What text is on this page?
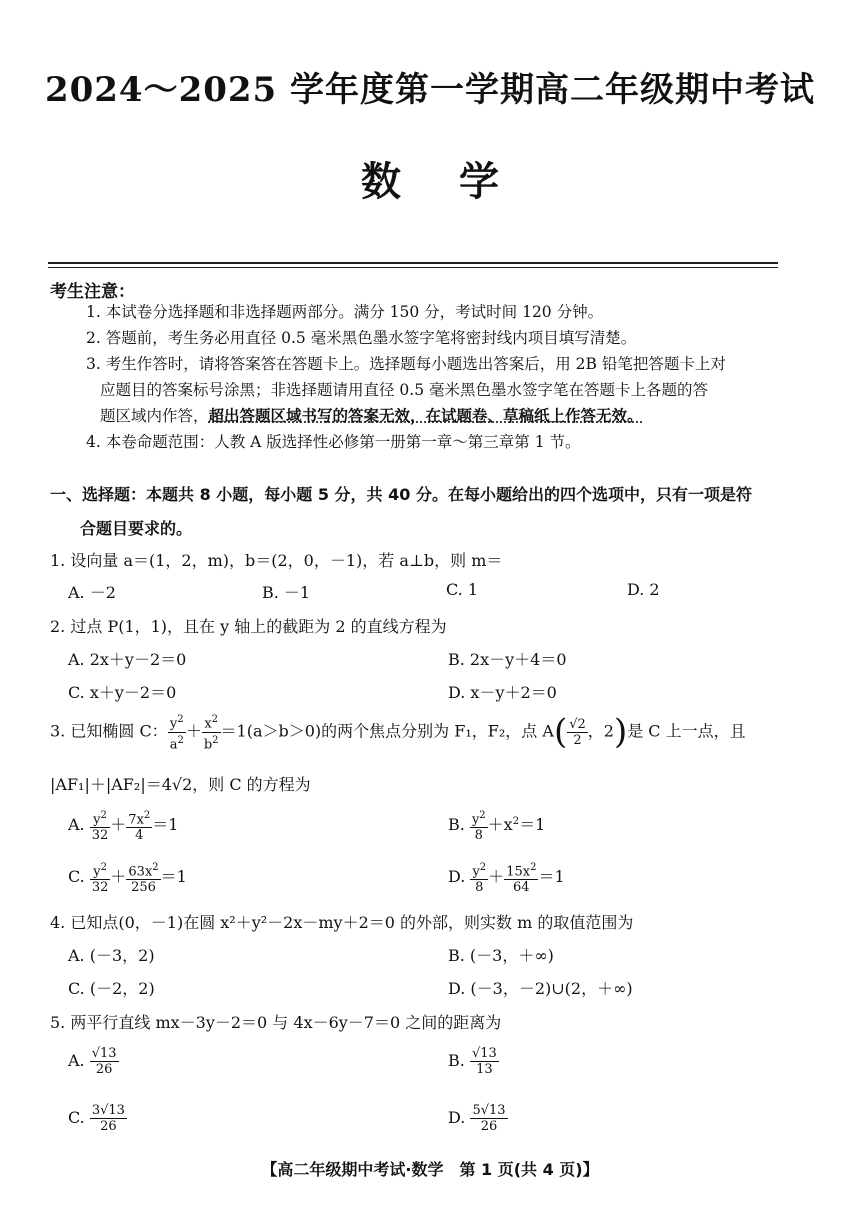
2024～2025 学年度第一学期高二年级期中考试
数学
考生注意：
1. 本试卷分选择题和非选择题两部分。满分 150 分，考试时间 120 分钟。
2. 答题前，考生务必用直径 0.5 毫米黑色墨水签字笔将密封线内项目填写清楚。
3. 考生作答时，请将答案答在答题卡上。选择题每小题选出答案后，用 2B 铅笔把答题卡上对
应题目的答案标号涂黑；非选择题请用直径 0.5 毫米黑色墨水签字笔在答题卡上各题的答
题区域内作答，超出答题区域书写的答案无效，在试题卷、草稿纸上作答无效。
4. 本卷命题范围：人教 A 版选择性必修第一册第一章～第三章第 1 节。
一、选择题：本题共 8 小题，每小题 5 分，共 40 分。在每小题给出的四个选项中，只有一项是符
合题目要求的。
1. 设向量 a＝(1，2，m)，b＝(2，0，－1)，若 a⊥b，则 m＝
A. －2	B. －1	C. 1	D. 2
2. 过点 P(1，1)，且在 y 轴上的截距为 2 的直线方程为
A. 2x＋y－2＝0	B. 2x－y＋4＝0
C. x＋y－2＝0	D. x－y＋2＝0
3. 已知椭圆 C： $\frac{y^2}{a^2} + \frac{x^2}{b^2} =1(a>b>0)$的两个焦点分别为 F₁，F₂，点 $A( \frac{√2}{2}$ ，2)是 C 上一点，且
|AF₁|＋|AF₂|＝4√2，则 C 的方程为
A. $\frac{y^2}{32} + \frac{7x^2}{4} =1$	B. $\frac{y^2}{8} +x^2=1$
C. $\frac{y^2}{32} + \frac{63x^2}{256} =1$	D. $\frac{y^2}{8} + \frac{15x^2}{64} =1$
4. 已知点(0，－1)在圆 x²＋y²－2x－my＋2＝0 的外部，则实数 m 的取值范围为
A. (－3，2)	B. (－3，＋∞)
C. (－2，2)	D. (－3，－2)∪(2，＋∞)
5. 两平行直线 mx－3y－2＝0 与 4x－6y－7＝0 之间的距离为
A. $\frac{√13}{26}$	B. $\frac{√13}{13}$
C. $\frac{3√13}{26}$	D. $\frac{5√13}{26}$
【高二年级期中考试·数学　第 1 页(共 4 页)】
